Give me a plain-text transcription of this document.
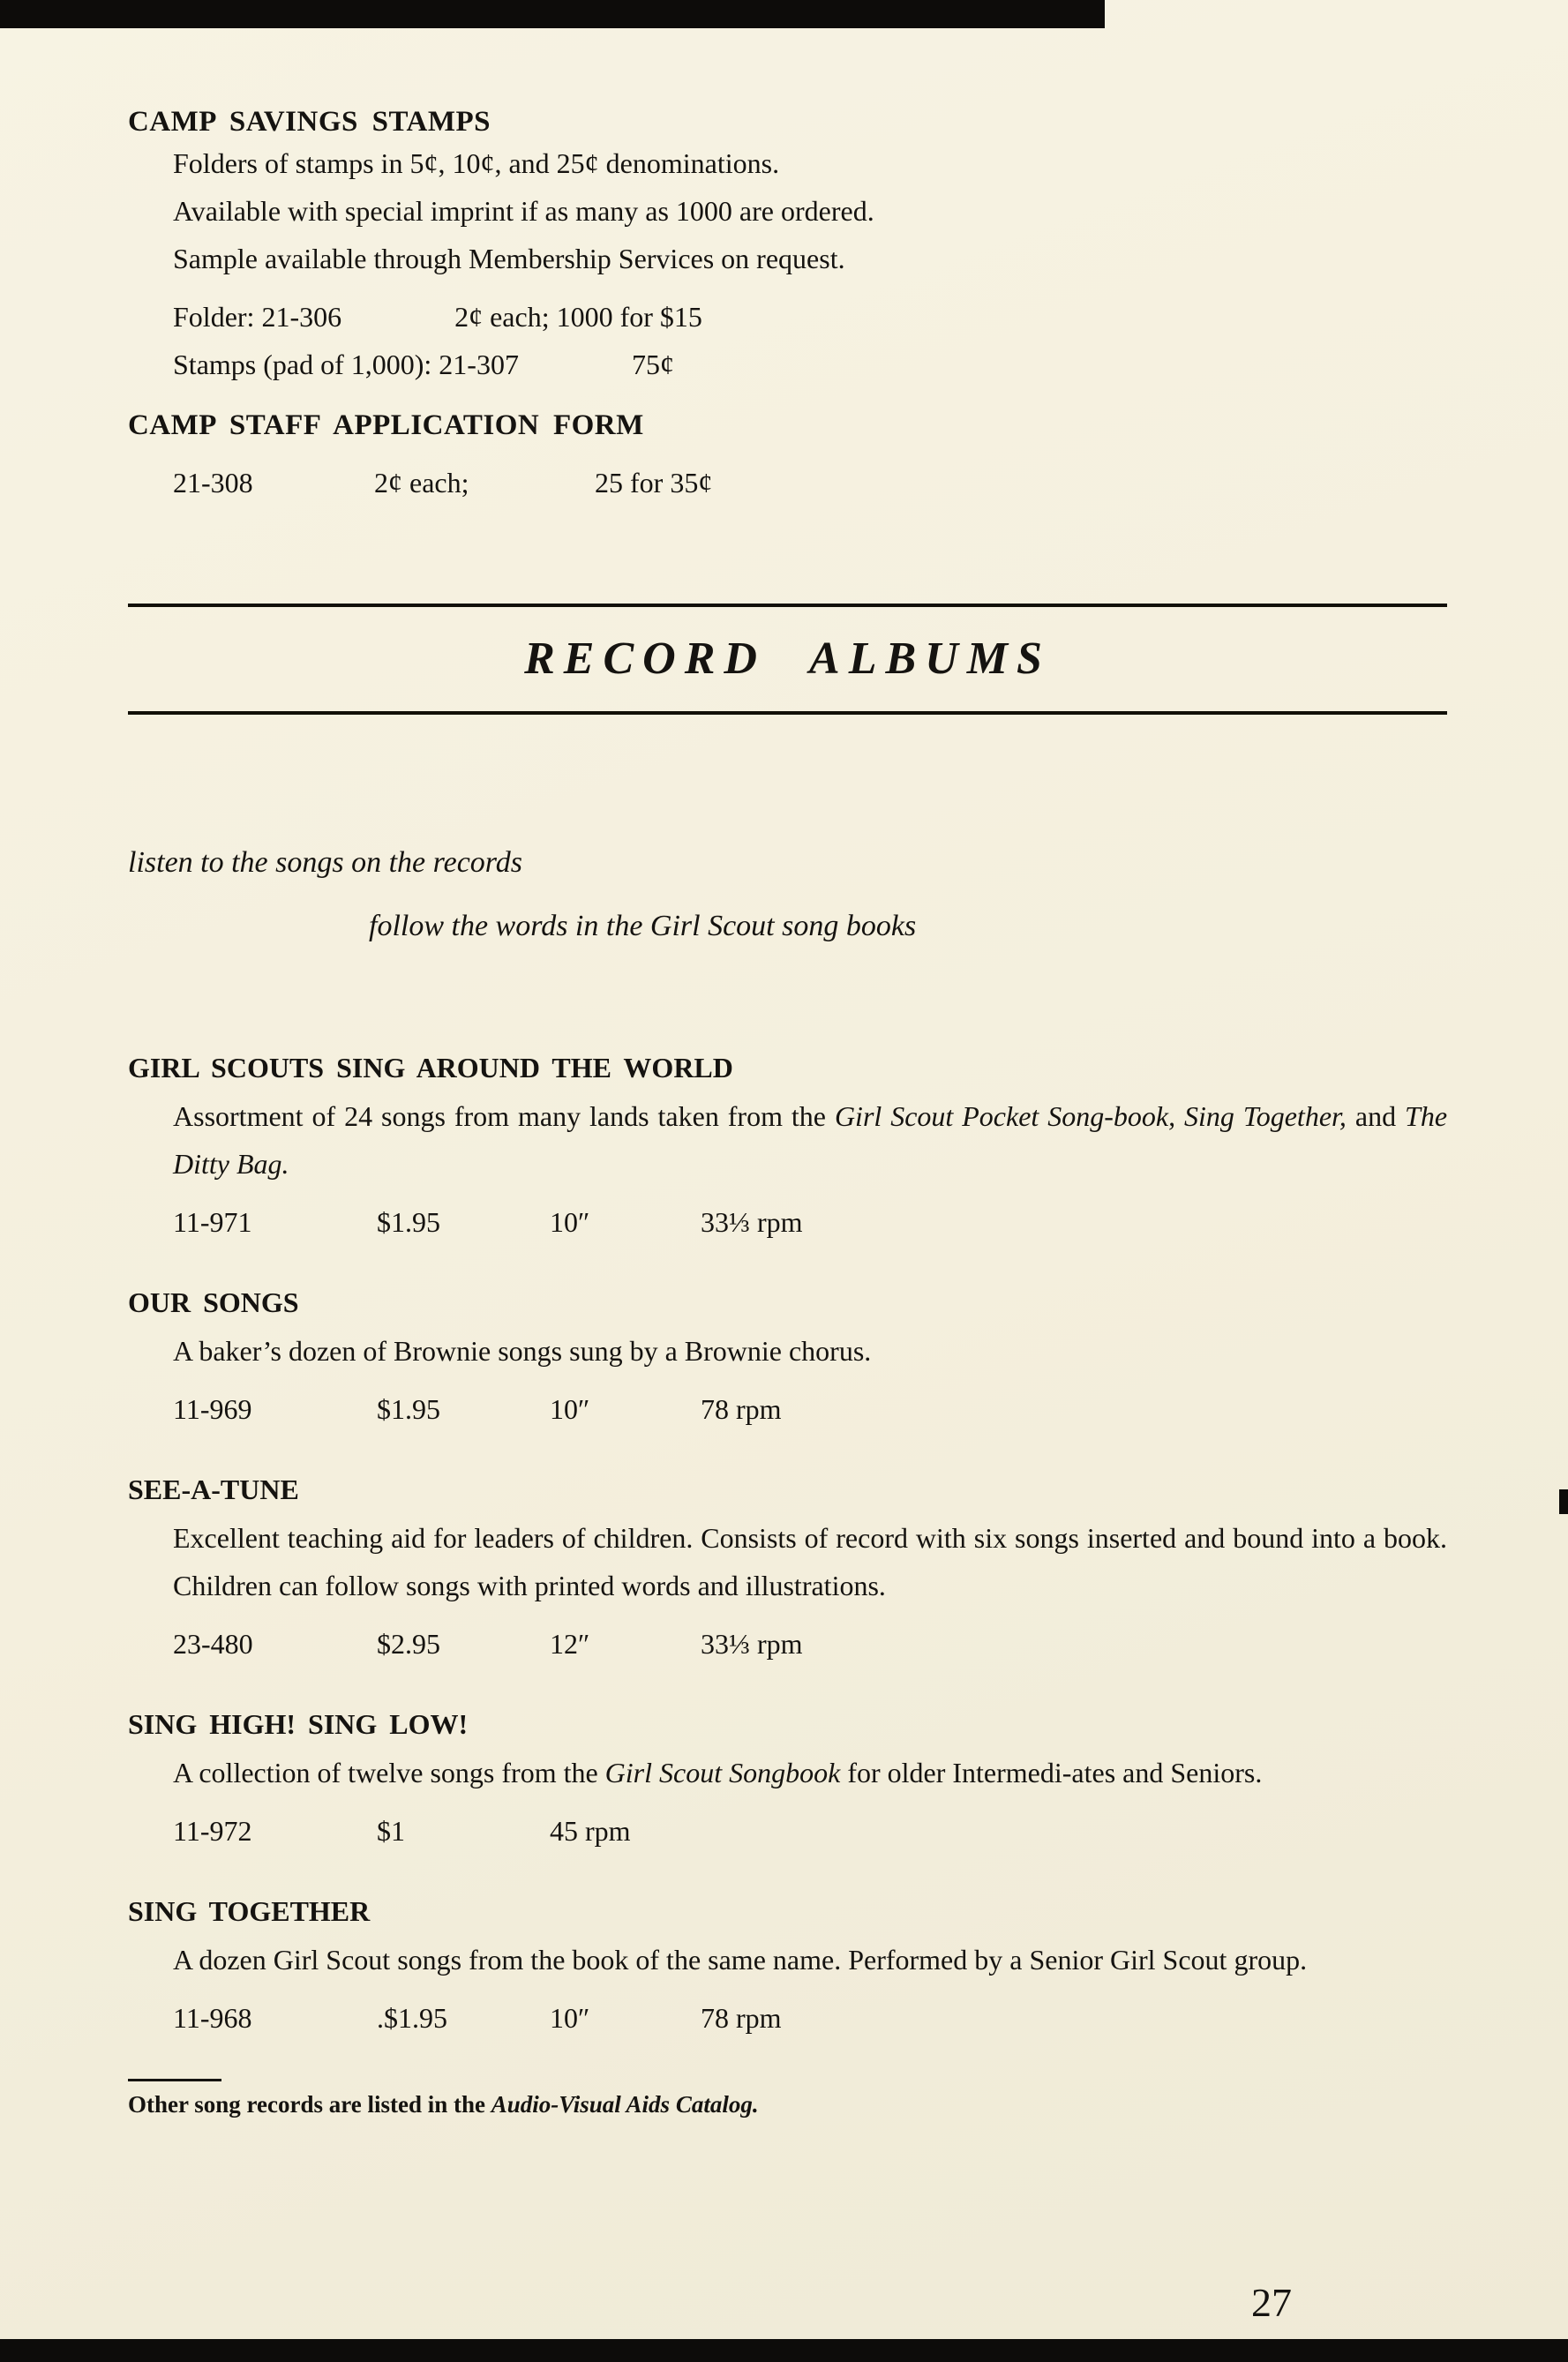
CAMP SAVINGS STAMPS

Folders of stamps in 5¢, 10¢, and 25¢ denominations.

Available with special imprint if as many as 1000 are ordered.

Sample available through Membership Services on request.

Folder: 21-306	2¢ each; 1000 for $15

Stamps (pad of 1,000): 21-307	75¢

CAMP STAFF APPLICATION FORM

21-308	2¢ each;	25 for 35¢

RECORD ALBUMS

listen to the songs on the records

follow the words in the Girl Scout song books

GIRL SCOUTS SING AROUND THE WORLD

Assortment of 24 songs from many lands taken from the Girl Scout Pocket Song-book, Sing Together, and The Ditty Bag.

11-971	$1.95	10″	33⅓ rpm

OUR SONGS

A baker’s dozen of Brownie songs sung by a Brownie chorus.

11-969	$1.95	10″	78 rpm

SEE-A-TUNE

Excellent teaching aid for leaders of children. Consists of record with six songs inserted and bound into a book. Children can follow songs with printed words and illustrations.

23-480	$2.95	12″	33⅓ rpm

SING HIGH! SING LOW!

A collection of twelve songs from the Girl Scout Songbook for older Intermedi-ates and Seniors.

11-972	$1	45 rpm

SING TOGETHER

A dozen Girl Scout songs from the book of the same name. Performed by a Senior Girl Scout group.

11-968	.$1.95	10″	78 rpm

Other song records are listed in the Audio-Visual Aids Catalog.

27
